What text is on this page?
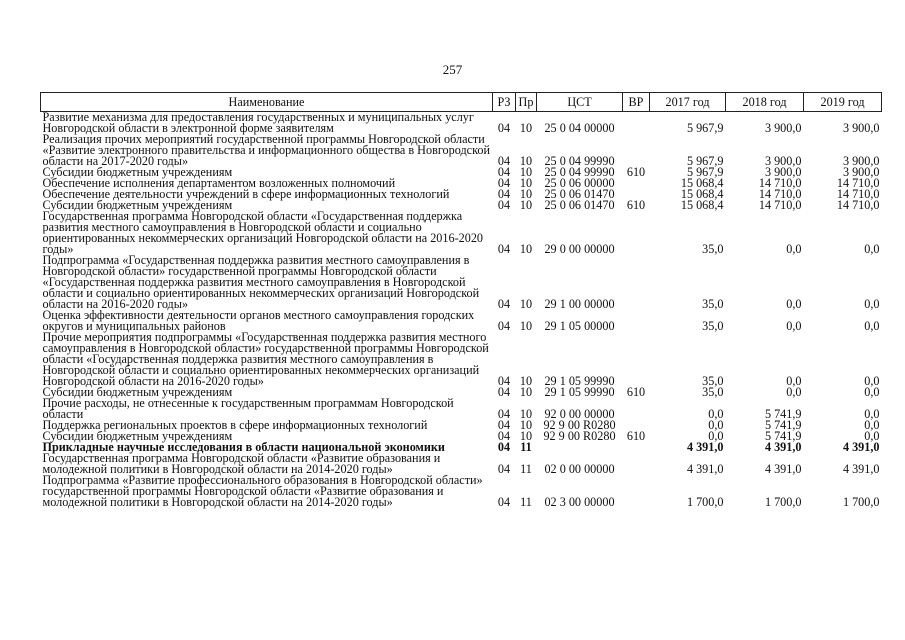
257
Наименование	РЗ	Пр	ЦСТ	ВР	2017 год	2018 год	2019 год
Развитие механизма для предоставления государственных и муниципальных услуг Новгородской области в электронной форме заявителям	04	10	25 0 04 00000		5 967,9	3 900,0	3 900,0
Реализация прочих мероприятий государственной программы Новгородской области «Развитие электронного правительства и информационного общества в Новгородской области на 2017-2020 годы»	04	10	25 0 04 99990		5 967,9	3 900,0	3 900,0
Субсидии бюджетным учреждениям	04	10	25 0 04 99990	610	5 967,9	3 900,0	3 900,0
Обеспечение исполнения департаментом возложенных полномочий	04	10	25 0 06 00000		15 068,4	14 710,0	14 710,0
Обеспечение деятельности учреждений в сфере информационных технологий	04	10	25 0 06 01470		15 068,4	14 710,0	14 710,0
Субсидии бюджетным учреждениям	04	10	25 0 06 01470	610	15 068,4	14 710,0	14 710,0
Государственная программа Новгородской области «Государственная поддержка развития местного самоуправления в Новгородской области и социально ориентированных некоммерческих организаций Новгородской области на 2016-2020 годы»	04	10	29 0 00 00000		35,0	0,0	0,0
Подпрограмма «Государственная поддержка развития местного самоуправления в Новгородской области» государственной программы Новгородской области «Государственная поддержка развития местного самоуправления в Новгородской области и социально ориентированных некоммерческих организаций Новгородской области на 2016-2020 годы»	04	10	29 1 00 00000		35,0	0,0	0,0
Оценка эффективности деятельности органов местного самоуправления городских округов и муниципальных районов	04	10	29 1 05 00000		35,0	0,0	0,0
Прочие мероприятия подпрограммы «Государственная поддержка развития местного самоуправления в Новгородской области» государственной программы Новгородской области «Государственная поддержка развития местного самоуправления в Новгородской области и социально ориентированных некоммерческих организаций Новгородской области на 2016-2020 годы»	04	10	29 1 05 99990		35,0	0,0	0,0
Субсидии бюджетным учреждениям	04	10	29 1 05 99990	610	35,0	0,0	0,0
Прочие расходы, не отнесенные к государственным программам Новгородской области	04	10	92 0 00 00000		0,0	5 741,9	0,0
Поддержка региональных проектов в сфере информационных технологий	04	10	92 9 00 R0280		0,0	5 741,9	0,0
Субсидии бюджетным учреждениям	04	10	92 9 00 R0280	610	0,0	5 741,9	0,0
Прикладные научные исследования в области национальной экономики	04	11			4 391,0	4 391,0	4 391,0
Государственная программа Новгородской области «Развитие образования и молодежной политики в Новгородской области на 2014-2020 годы»	04	11	02 0 00 00000		4 391,0	4 391,0	4 391,0
Подпрограмма «Развитие профессионального образования в Новгородской области» государственной программы Новгородской области «Развитие образования и молодежной политики в Новгородской области на 2014-2020 годы»	04	11	02 3 00 00000		1 700,0	1 700,0	1 700,0
